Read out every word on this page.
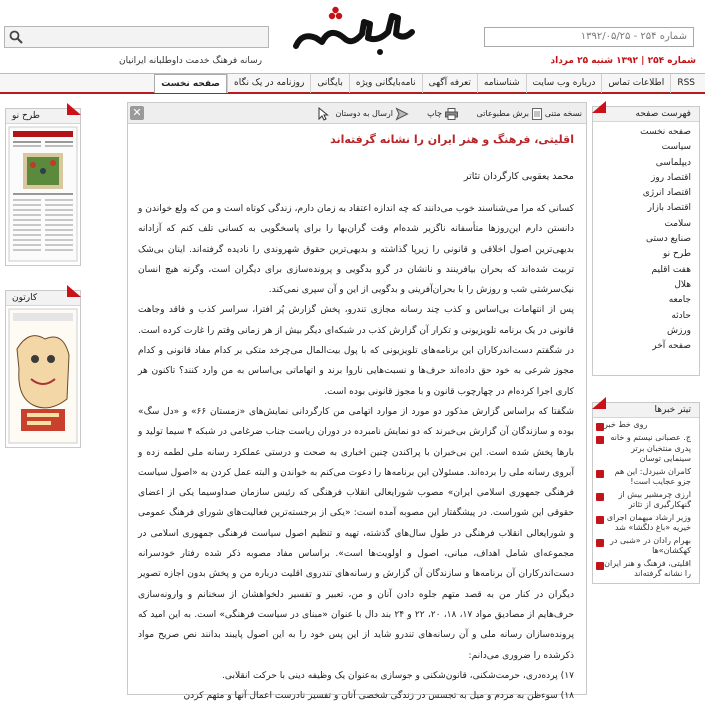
شماره ۲۵۴ - ۱۳۹۲/۰۵/۲۵
شماره ۲۵۴ | ۱۳۹۲ شنبه ۲۵ مرداد
رسانه فرهنگ خدمت داوطلبانه ایرانیان
صفحه نخست	روزنامه در یک نگاه	بایگانی	نامه‌بایگانی ویژه	تعرفه آگهی	شناسنامه	درباره وب سایت	اطلاعات تماس	RSS
فهرست صفحه
صفحه نخست
سیاست
دیپلماسی
اقتصاد روز
اقتصاد انرژی
اقتصاد بازار
سلامت
صنایع دستی
طرح نو
هفت اقلیم
هلال
جامعه
حادثه
ورزش
صفحه آخر
تیتر خبرها
روی خط خبر
ج. عصبانی نیستم و خانه پدری منتخبان برتر سینمایی توسان
کامران شیردل: این هم جزو عجایب است!
ارزی چرمشیر بیش از گنهکارگیری از تئاتر
وزیر ارشاد میهمان اجرای خیریه «باغ دلگشا» شد
بهرام رادان در «شبی در کهکشان»ها
اقلیتی، فرهنگ و هنر ایران را نشانه گرفته‌اند
طرح نو
کارتون
نسخه متنی
برش مطبوعاتی
چاپ
ارسال به دوستان
✕
اقلیتی، فرهنگ و هنر ایران را نشانه گرفته‌اند
محمد یعقوبی کارگردان تئاتر

کسانی که مرا می‌شناسند خوب می‌دانند که چه اندازه اعتقاد به زمان دارم، زندگی کوتاه است و من که ولع خواندن و دانستن دارم این‌روزها متأسفانه ناگزیر شده‌ام وقت گران‌بها را برای پاسخگویی به کسانی تلف کنم که آزادانه بدیهی‌ترین اصول اخلاقی و قانونی را زیرپا گذاشته و بدیهی‌ترین حقوق شهروندی را نادیده گرفته‌اند. اینان بی‌شک تربیت شده‌اند که بحران بیافرینند و نانشان در گرو بدگویی و پرونده‌سازی برای دیگران است، وگرنه هیچ انسان نیک‌سرشتی شب و روزش را با بحران‌آفرینی و بدگویی از این و آن سپری نمی‌کند.

پس از انتهامات بی‌اساس و کذب چند رسانه مجازی تندرو، پخش گزارش پُر افترا، سراسر کذب و فاقد وجاهت قانونی در یک برنامه تلویزیونی و تکرار آن گزارش کذب در شبکه‌ای دیگر بیش از هر زمانی وقتم را غارت کرده است. در شگفتم دست‌اندرکاران این برنامه‌های تلویزیونی که با پول بیت‌المال می‌چرخد متکی بر کدام مفاد قانونی و کدام مجوز شرعی به خود حق داده‌اند حرف‌ها و نسبت‌هایی ناروا برند و اتهاماتی بی‌اساس به من وارد کنند؟ تاکنون هر کاری اجرا کرده‌ام در چهارچوب قانون و با مجوز قانونی بوده است.

شگفتا که براساس گزارش مذکور دو مورد از موارد اتهامی من کارگردانی نمایش‌های «زمستان ۶۶» و «دل سگ» بوده و سازندگان آن گزارش بی‌خبرند که دو نمایش نامبرده در دوران ریاست جناب ضرغامی در شبکه ۴ سیما تولید و بارها پخش شده است. این بی‌خبران با پراکندن چنین اخباری به صحت و درستی عملکرد رسانه ملی لطمه زده و آبروی رسانه ملی را برده‌اند. مسئولان این برنامه‌ها را دعوت می‌کنم به خواندن و البته عمل کردن به «اصول سیاست فرهنگی جمهوری اسلامی ایران» مصوب شورایعالی انقلاب فرهنگی که رئیس سازمان صداوسیما یکی از اعضای حقوقی این شوراست. در پیشگفتار این مصوبه آمده است: «یکی از برجسته‌ترین فعالیت‌های شورای فرهنگ عمومی و شورایعالی انقلاب فرهنگی در طول سال‌های گذشته، تهیه و تنظیم اصول سیاست فرهنگی جمهوری اسلامی در مجموعه‌ای شامل اهداف، مبانی، اصول و اولویت‌ها است». براساس مفاد مصوبه ذکر شده رفتار خودسرانه دست‌اندرکاران آن برنامه‌ها و سازندگان آن گزارش و رسانه‌های تندروی اقلیت درباره من و پخش بدون اجازه تصویر دیگران در کنار من به قصد متهم جلوه دادن آنان و من، تعبیر و تفسیر دلخواهشان از سخنانم و وارونه‌سازی حرف‌هایم از مصادیق مواد ۱۷، ۱۸، ۲۰، ۲۲ و ۲۴ بند دال با عنوان «مبنای در سیاست فرهنگی» است. به این امید که پرونده‌سازان رسانه ملی و آن رسانه‌های تندرو شاید از این پس خود را به این اصول پایبند بدانند نص صریح مواد ذکرشده را ضروری می‌دانم:

۱۷) پرده‌دری، حرمت‌شکنی، قانون‌شکنی و جوسازی به‌عنوان یک وظیفه دینی با حرکت انقلابی.

۱۸) سوءظن به مردم و میل به تجسس در زندگی شخصی آنان و تفسیر نادرست اعمال آنها و متهم کردن
